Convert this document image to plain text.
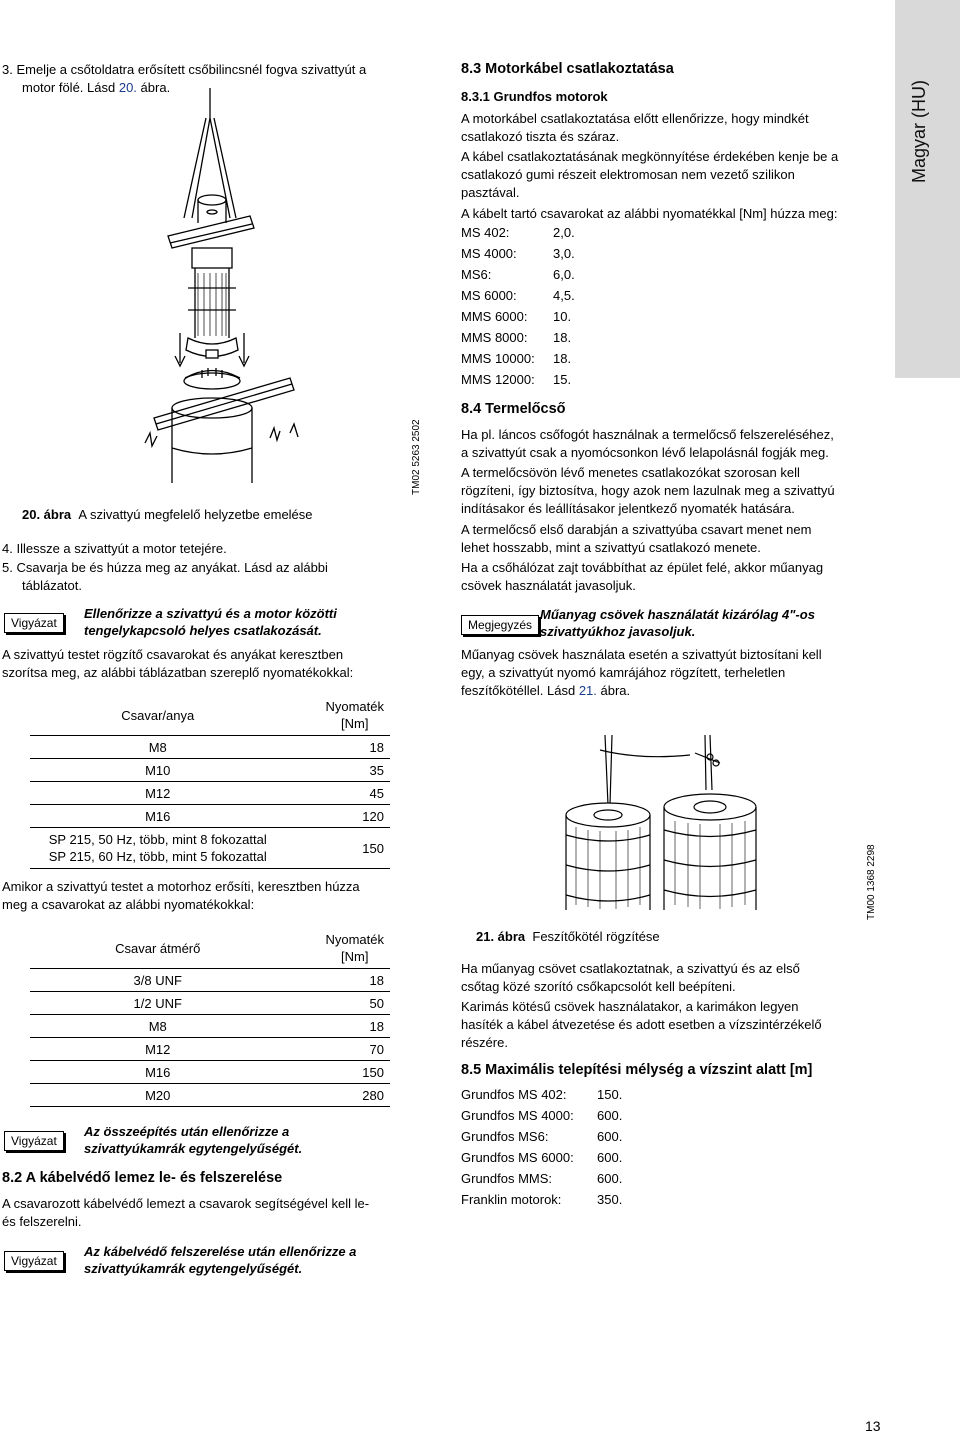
Magyar (HU)
3. Emelje a csőtoldatra erősített csőbilincsnél fogva szivattyút a
motor fölé. Lásd 20. ábra.
TM02 5263 2502
20. ábra A szivattyú megfelelő helyzetbe emelése
4. Illessze a szivattyút a motor tetejére.
5. Csavarja be és húzza meg az anyákat. Lásd az alábbi
táblázatot.
Vigyázat
Ellenőrizze a szivattyú és a motor közötti
tengelykapcsoló helyes csatlakozását.
A szivattyú testet rögzítő csavarokat és anyákat keresztben
szorítsa meg, az alábbi táblázatban szereplő nyomatékokkal:
Csavar/anya	Nyomaték
[Nm]

M8	18
M10	35
M12	45
M16	120

SP 215, 50 Hz, több, mint 8 fokozattal
SP 215, 60 Hz, több, mint 5 fokozattal	150
Amikor a szivattyú testet a motorhoz erősíti, keresztben húzza
meg a csavarokat az alábbi nyomatékokkal:
Csavar átmérő	Nyomaték
[Nm]

3/8 UNF	18
1/2 UNF	50
M8	18
M12	70
M16	150
M20	280
Vigyázat
Az összeépítés után ellenőrizze a
szivattyúkamrák egytengelyűségét.
8.2 A kábelvédő lemez le- és felszerelése
A csavarozott kábelvédő lemezt a csavarok segítségével kell le-
és felszerelni.
Vigyázat
Az kábelvédő felszerelése után ellenőrizze a
szivattyúkamrák egytengelyűségét.
8.3 Motorkábel csatlakoztatása
8.3.1 Grundfos motorok
A motorkábel csatlakoztatása előtt ellenőrizze, hogy mindkét
csatlakozó tiszta és száraz.
A kábel csatlakoztatásának megkönnyítése érdekében kenje be a
csatlakozó gumi részeit elektromosan nem vezető szilikon
pasztával.
A kábelt tartó csavarokat az alábbi nyomatékkal [Nm] húzza meg:
MS 402:	2,0.
MS 4000:	3,0.
MS6:	6,0.
MS 6000:	4,5.
MMS 6000: 10.
MMS 8000: 18.
MMS 10000: 18.
MMS 12000: 15.
8.4 Termelőcső
Ha pl. láncos csőfogót használnak a termelőcső felszereléséhez,
a szivattyút csak a nyomócsonkon lévő lelapolásnál fogják meg.
A termelőcsövön lévő menetes csatlakozókat szorosan kell
rögzíteni, így biztosítva, hogy azok nem lazulnak meg a szivattyú
indításakor és leállításakor jelentkező nyomaték hatására.
A termelőcső első darabján a szivattyúba csavart menet nem
lehet hosszabb, mint a szivattyú csatlakozó menete.
Ha a csőhálózat zajt továbbíthat az épület felé, akkor műanyag
csövek használatát javasoljuk.
Megjegyzés
Műanyag csövek használatát kizárólag 4"-os
szivattyúkhoz javasoljuk.
Műanyag csövek használata esetén a szivattyút biztosítani kell
egy, a szivattyút nyomó kamrájához rögzített, terheletlen
feszítőkötéllel. Lásd 21. ábra.
TM00 1368 2298
21. ábra Feszítőkötél rögzítése
Ha műanyag csövet csatlakoztatnak, a szivattyú és az első
csőtag közé szorító csőkapcsolót kell beépíteni.
Karimás kötésű csövek használatakor, a karimákon legyen
hasíték a kábel átvezetése és adott esetben a vízszintérzékelő
részére.
8.5 Maximális telepítési mélység a vízszint alatt [m]
Grundfos MS 402: 150.
Grundfos MS 4000: 600.
Grundfos MS6:	600.
Grundfos MS 6000: 600.
Grundfos MMS:	600.
Franklin motorok:	350.
13
